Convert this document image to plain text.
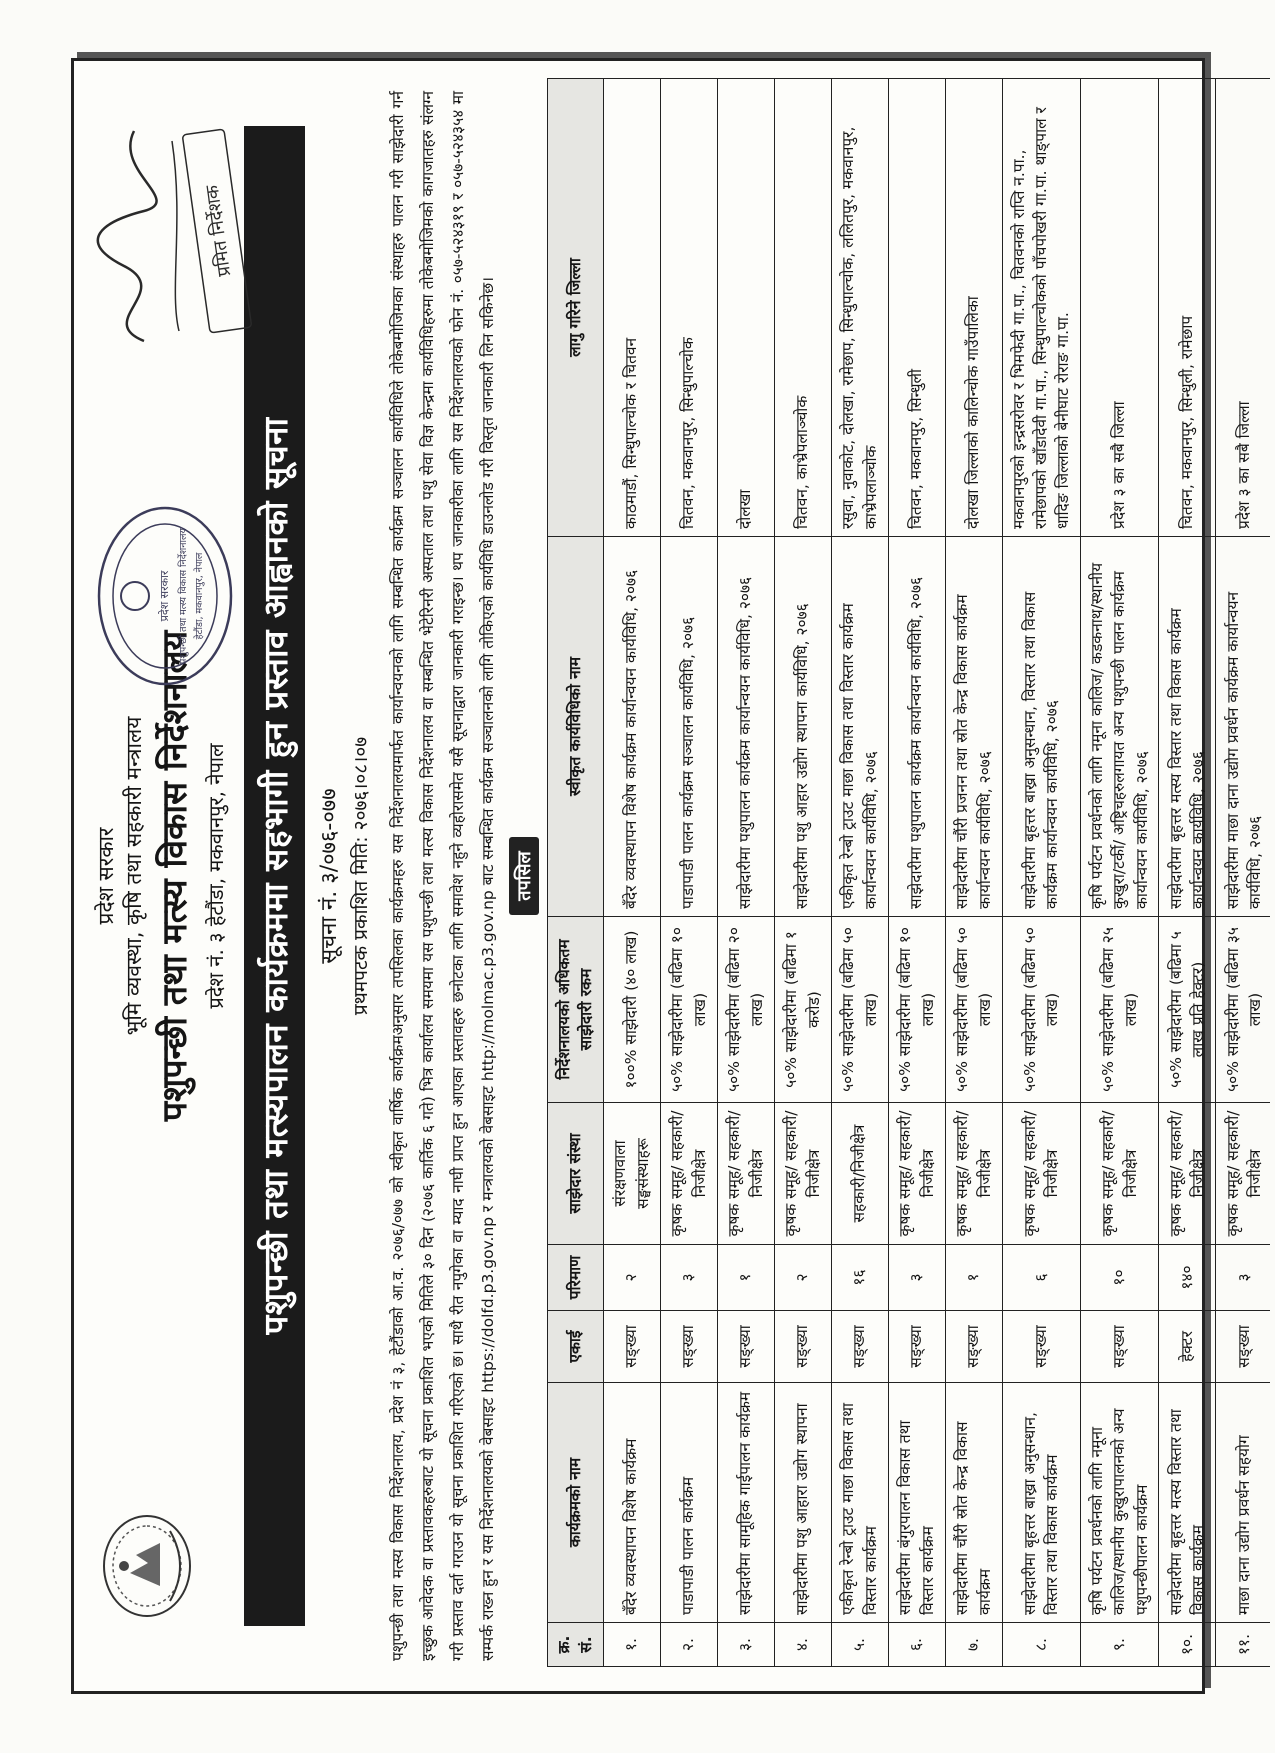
प्रदेश सरकार पशुपन्छी तथा मत्स्य विकास निर्देशनालय हेटौंडा, मकवानपुर, नेपाल
प्रमित निर्देशक
प्रदेश सरकार भूमि व्यवस्था, कृषि तथा सहकारी मन्त्रालय पशुपन्छी तथा मत्स्य विकास निर्देशनालय प्रदेश नं. ३ हेटौंडा, मकवानपुर, नेपाल पशुपन्छी तथा मत्स्यपालन कार्यक्रममा सहभागी हुन प्रस्ताव आह्वानको सूचना	सूचना नं. ३/०७६-०७७ प्रथमपटक प्रकाशित मिति: २०७६।०८।०७	पशुपन्छी तथा मत्स्य विकास निर्देशनालय, प्रदेश नं ३, हेटौंडाको आ.व. २०७६/०७७ को स्वीकृत वार्षिक कार्यक्रमअनुसार तपसिलका कार्यक्रमहरु यस निर्देशनालयमार्फत कार्यान्वयनको लागि सम्बन्धित कार्यक्रम सञ्चालन कार्यविधिले तोकेबमोजिमका संस्थाहरु पालन गरी साझेदारी गर्न इच्छुक आवेदक वा प्रस्तावकहरुबाट यो सूचना प्रकाशित भएको मितिले ३० दिन (२०७६ कार्तिक ६ गते) भित्र कार्यालय समयमा यस पशुपन्छी तथा मत्स्य विकास निर्देशनालय वा सम्बन्धित भेटेरिनरी अस्पताल तथा पशु सेवा विज्ञ केन्द्रमा कार्यविधिहरुमा तोकेबमोजिमको कागजातहरु संलग्न गरी प्रस्ताव दर्ता गराउन यो सूचना प्रकाशित गरिएको छ। साथै रीत नपुगेका वा म्याद नाघी प्राप्त हुन आएका प्रस्तावहरु छनोटका लागि समावेश नहुने व्यहोरासमेत यसै सूचनाद्वारा जानकारी गराइन्छ। थप जानकारीका लागि यस निर्देशनालयको फोन नं. ०५७-५२४३१९ र ०५७-५२४३५४ मा सम्पर्क राख्न हुन र यस निर्देशनालयको वेबसाइट https://dolfd.p3.gov.np र मन्त्रालयको वेबसाइट http://molmac.p3.gov.np बाट सम्बन्धित कार्यक्रम सञ्चालनको लागि तोकिएको कार्यविधि डाउनलोड गरी विस्तृत जानकारी लिन सकिनेछ। तपसिल
क्र. सं.	कार्यक्रमको नाम	एकाई	परिमाण	साझेदार संस्था	निर्देशनालयको अधिकतम साझेदारी रकम	स्वीकृत कार्यविधिको नाम	लागु गरिने जिल्ला
१.	बँदेर व्यवस्थापन विशेष कार्यक्रम	सङ्ख्या	२	संरक्षणवाला सङ्घसंस्थाहरू	१००% साझेदारी (४० लाख)	बँदेर व्यवस्थापन विशेष कार्यक्रम कार्यान्वयन कार्यविधि, २०७६	काठमाडौं, सिन्धुपाल्चोक र चितवन
२.	पाडापाडी पालन कार्यक्रम	सङ्ख्या	३	कृषक समूह/ सहकारी/ निजीक्षेत्र	५०% साझेदारीमा (बढिमा १० लाख)	पाडापाडी पालन कार्यक्रम सञ्चालन कार्यविधि, २०७६	चितवन, मकवानपुर, सिन्धुपाल्चोक
३.	साझेदारीमा सामूहिक गाईपालन कार्यक्रम	सङ्ख्या	१	कृषक समूह/ सहकारी/ निजीक्षेत्र	५०% साझेदारीमा (बढिमा २० लाख)	साझेदारीमा पशुपालन कार्यक्रम कार्यान्वयन कार्यविधि, २०७६	दोलखा
४.	साझेदारीमा पशु आहारा उद्योग स्थापना	सङ्ख्या	२	कृषक समूह/ सहकारी/ निजीक्षेत्र	५०% साझेदारीमा (बढिमा १ करोड)	साझेदारीमा पशु आहार उद्योग स्थापना कार्यविधि, २०७६	चितवन, काभ्रेपलाञ्चोक
५.	एकीकृत रेन्बो ट्राउट माछा विकास तथा विस्तार कार्यक्रम	सङ्ख्या	१६	सहकारी/निजीक्षेत्र	५०% साझेदारीमा (बढिमा ५० लाख)	एकीकृत रेन्बो ट्राउट माछा विकास तथा विस्तार कार्यक्रम कार्यान्वयन कार्यविधि, २०७६	रसुवा, नुवाकोट, दोलखा, रामेछाप, सिन्धुपाल्चोक, ललितपुर, मकवानपुर, काभ्रेपलाञ्चोक
६.	साझेदारीमा बंगुरपालन विकास तथा विस्तार कार्यक्रम	सङ्ख्या	३	कृषक समूह/ सहकारी/ निजीक्षेत्र	५०% साझेदारीमा (बढिमा १० लाख)	साझेदारीमा पशुपालन कार्यक्रम कार्यान्वयन कार्यविधि, २०७६	चितवन, मकवानपुर, सिन्धुली
७.	साझेदारीमा चौंरी स्रोत केन्द्र विकास कार्यक्रम	सङ्ख्या	१	कृषक समूह/ सहकारी/ निजीक्षेत्र	५०% साझेदारीमा (बढिमा ५० लाख)	साझेदारीमा चौंरी प्रजनन तथा स्रोत केन्द्र विकास कार्यक्रम कार्यान्वयन कार्यविधि, २०७६	दोलखा जिल्लाको कालिन्चोक गाउँपालिका
८.	साझेदारीमा बृहत्तर बाख्रा अनुसन्धान, विस्तार तथा विकास कार्यक्रम	सङ्ख्या	६	कृषक समूह/ सहकारी/ निजीक्षेत्र	५०% साझेदारीमा (बढिमा ५० लाख)	साझेदारीमा बृहत्तर बाख्रा अनुसन्धान, विस्तार तथा विकास कार्यक्रम कार्यान्वयन कार्यविधि, २०७६	मकवानपुरको इन्द्रसरोवर र भिमफेदी गा.पा., चितवनको राप्ति न.पा., रामेछापको खाँडादेवी गा.पा., सिन्धुपाल्चोकको पाँचपोखरी गा.पा. थाङ्पाल र धादिङ जिल्लाको बेनीघाट रोराङ गा.पा.
९.	कृषि पर्यटन प्रवर्धनको लागि नमूना कालिज/स्थानीय कुखुरापालनको अन्य पशुपन्छीपालन कार्यक्रम	सङ्ख्या	१०	कृषक समूह/ सहकारी/निजीक्षेत्र	५०% साझेदारीमा (बढिमा २५ लाख)	कृषि पर्यटन प्रवर्धनको लागि नमूना कालिज/ कडकनाथ/स्थानीय कुखुरा/टर्की/ अष्ट्रिचहरुलगायत अन्य पशुपन्छी पालन कार्यक्रम कार्यान्वयन कार्यविधि, २०७६	प्रदेश ३ का सबै जिल्ला
१०.	साझेदारीमा बृहत्तर मत्स्य विस्तार तथा विकास कार्यक्रम	हेक्टर	१४०	कृषक समूह/ सहकारी/निजीक्षेत्र	५०% साझेदारीमा (बढिमा ५ लाख प्रति हेक्टर)	साझेदारीमा बृहत्तर मत्स्य विस्तार तथा विकास कार्यक्रम कार्यान्वयन कार्यविधि, २०७६	चितवन, मकवानपुर, सिन्धुली, रामेछाप
११.	माछा दाना उद्योग प्रवर्धन सहयोग	सङ्ख्या	३	कृषक समूह/ सहकारी/ निजीक्षेत्र	५०% साझेदारीमा (बढिमा ३५ लाख)	साझेदारीमा माछा दाना उद्योग प्रवर्धन कार्यक्रम कार्यान्वयन कार्यविधि, २०७६	प्रदेश ३ का सबै जिल्ला
